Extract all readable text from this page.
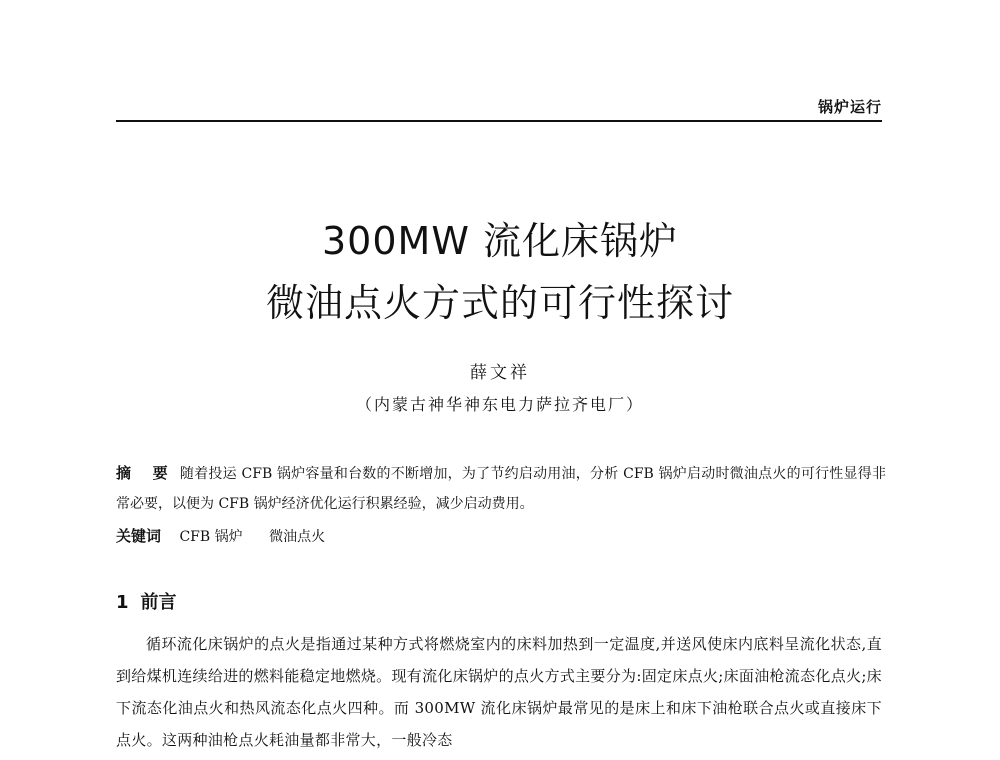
锅炉运行
300MW 流化床锅炉
微油点火方式的可行性探讨
薛文祥
（内蒙古神华神东电力萨拉齐电厂）
摘 要 随着投运 CFB 锅炉容量和台数的不断增加，为了节约启动用油，分析 CFB 锅炉启动时微油点火的可行性显得非常必要，以便为 CFB 锅炉经济优化运行积累经验，减少启动费用。
关键词 CFB 锅炉 微油点火
1 前言
循环流化床锅炉的点火是指通过某种方式将燃烧室内的床料加热到一定温度,并送风使床内底料呈流化状态,直到给煤机连续给进的燃料能稳定地燃烧。现有流化床锅炉的点火方式主要分为:固定床点火;床面油枪流态化点火;床下流态化油点火和热风流态化点火四种。而 300MW 流化床锅炉最常见的是床上和床下油枪联合点火或直接床下点火。这两种油枪点火耗油量都非常大，一般冷态
